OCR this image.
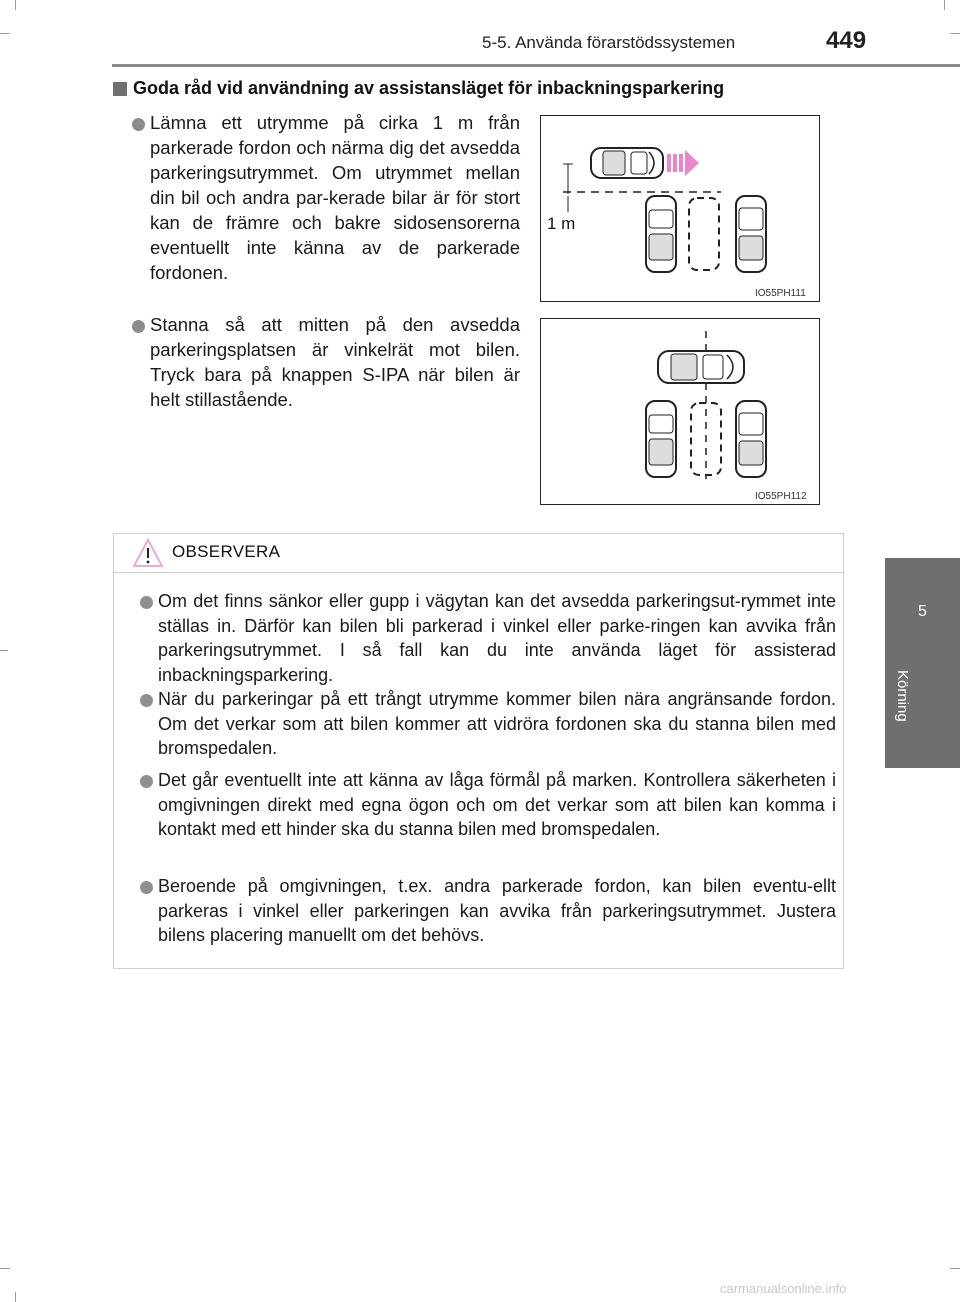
5-5. Använda förarstödssystemen	449
5
Körning
Goda råd vid användning av assistansläget för inbackningsparkering
Lämna ett utrymme på cirka 1 m från parkerade fordon och närma dig det avsedda parkeringsutrymmet. Om utrymmet mellan din bil och andra par-kerade bilar är för stort kan de främre och bakre sidosensorerna eventuellt inte känna av de parkerade fordonen.
Stanna så att mitten på den avsedda parkeringsplatsen är vinkelrät mot bilen. Tryck bara på knappen S-IPA när bilen är helt stillastående.
1 m
IO55PH111
IO55PH112
OBSERVERA
Om det finns sänkor eller gupp i vägytan kan det avsedda parkeringsut-rymmet inte ställas in. Därför kan bilen bli parkerad i vinkel eller parke-ringen kan avvika från parkeringsutrymmet. I så fall kan du inte använda läget för assisterad inbackningsparkering.
När du parkeringar på ett trångt utrymme kommer bilen nära angränsande fordon. Om det verkar som att bilen kommer att vidröra fordonen ska du stanna bilen med bromspedalen.
Det går eventuellt inte att känna av låga förmål på marken. Kontrollera säkerheten i omgivningen direkt med egna ögon och om det verkar som att bilen kan komma i kontakt med ett hinder ska du stanna bilen med bromspedalen.
Beroende på omgivningen, t.ex. andra parkerade fordon, kan bilen eventu-ellt parkeras i vinkel eller parkeringen kan avvika från parkeringsutrymmet. Justera bilens placering manuellt om det behövs.
carmanualsonline.info
